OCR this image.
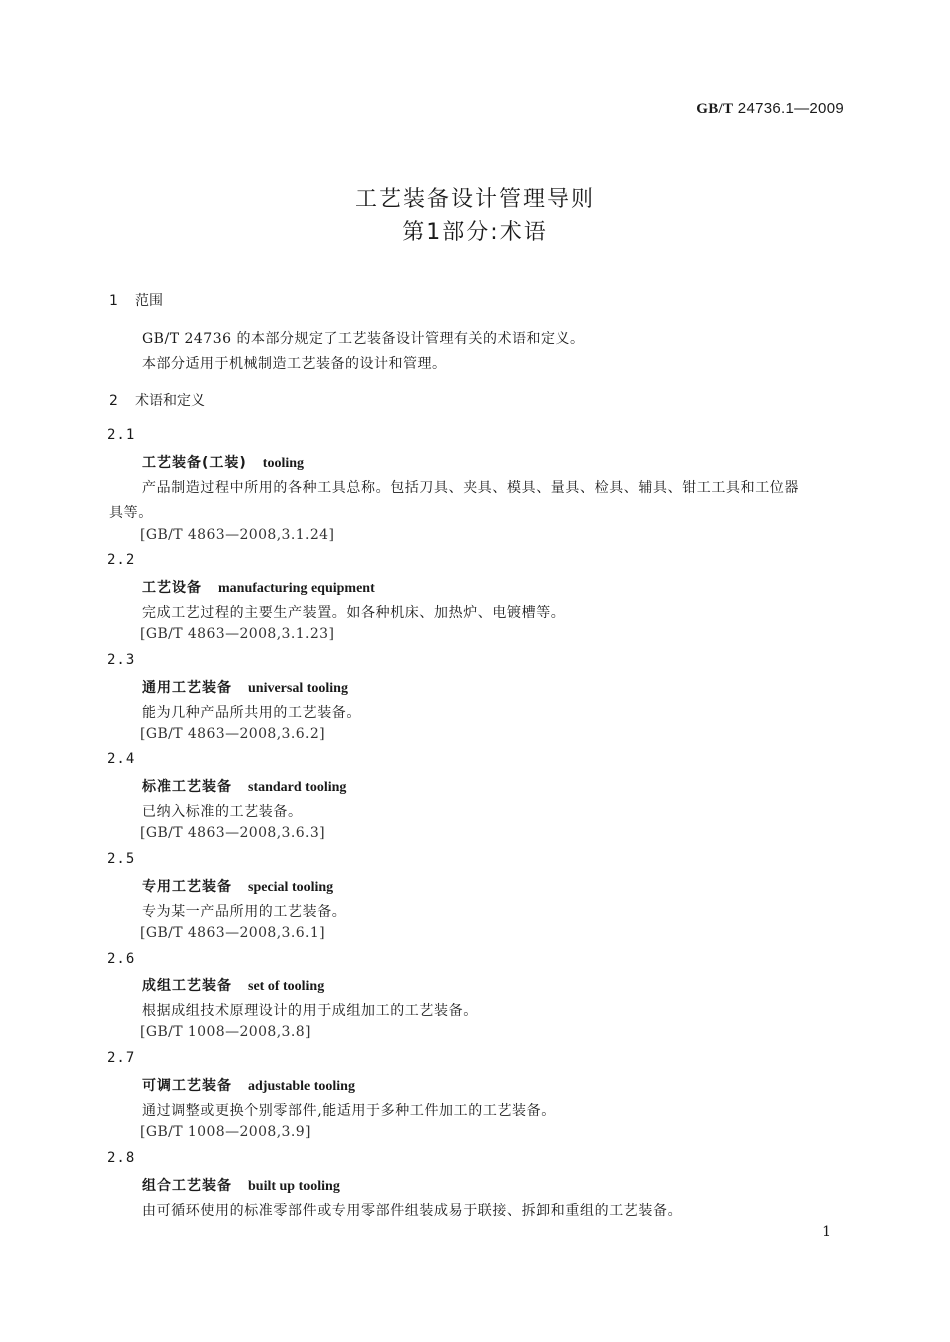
GB/T 24736.1—2009
工艺装备设计管理导则
第1部分:术语
1 范围
GB/T 24736 的本部分规定了工艺装备设计管理有关的术语和定义。
本部分适用于机械制造工艺装备的设计和管理。
2 术语和定义
2.1
工艺装备(工装) tooling
产品制造过程中所用的各种工具总称。包括刀具、夹具、模具、量具、检具、辅具、钳工工具和工位器
具等。
[GB/T 4863—2008,3.1.24]
2.2
工艺设备 manufacturing equipment
完成工艺过程的主要生产装置。如各种机床、加热炉、电镀槽等。
[GB/T 4863—2008,3.1.23]
2.3
通用工艺装备 universal tooling
能为几种产品所共用的工艺装备。
[GB/T 4863—2008,3.6.2]
2.4
标准工艺装备 standard tooling
已纳入标准的工艺装备。
[GB/T 4863—2008,3.6.3]
2.5
专用工艺装备 special tooling
专为某一产品所用的工艺装备。
[GB/T 4863—2008,3.6.1]
2.6
成组工艺装备 set of tooling
根据成组技术原理设计的用于成组加工的工艺装备。
[GB/T 1008—2008,3.8]
2.7
可调工艺装备 adjustable tooling
通过调整或更换个别零部件,能适用于多种工件加工的工艺装备。
[GB/T 1008—2008,3.9]
2.8
组合工艺装备 built up tooling
由可循环使用的标准零部件或专用零部件组装成易于联接、拆卸和重组的工艺装备。
1
